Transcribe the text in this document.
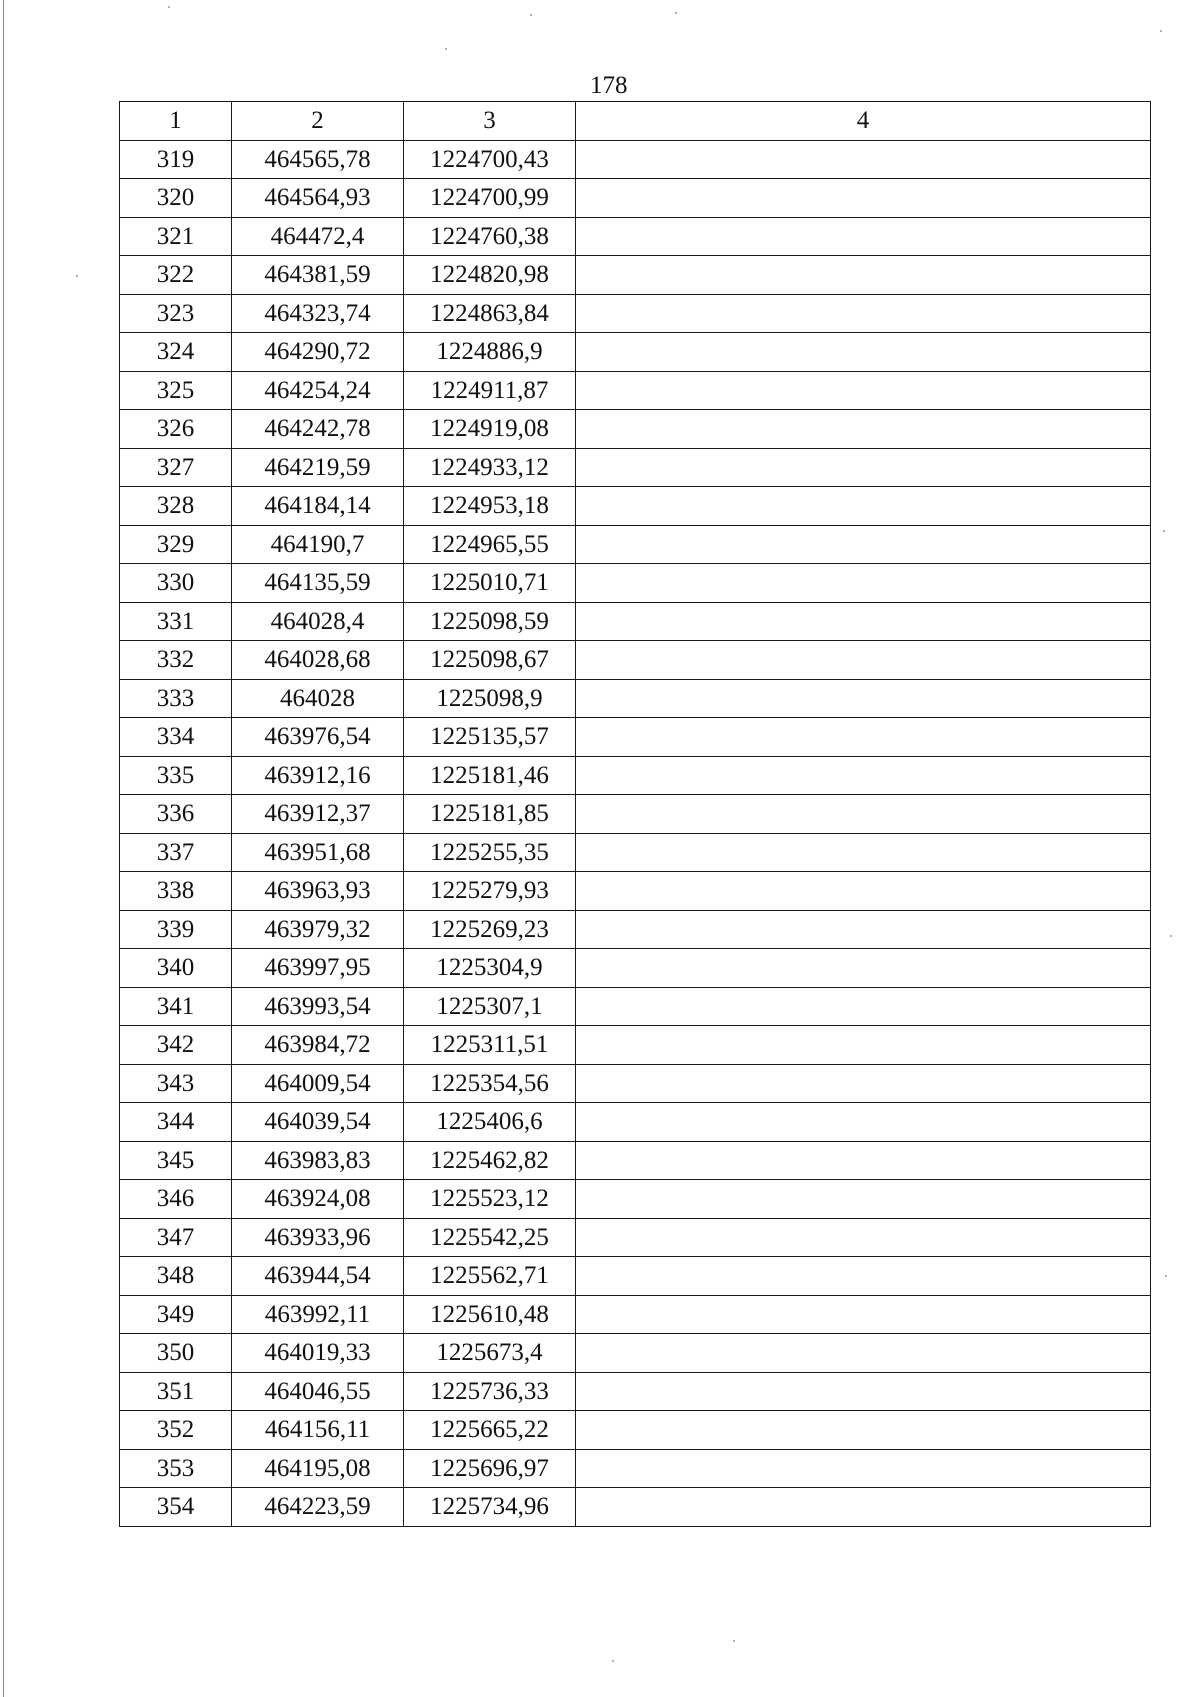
178
1	2	3	4
319	464565,78	1224700,43	
320	464564,93	1224700,99	
321	464472,4	1224760,38	
322	464381,59	1224820,98	
323	464323,74	1224863,84	
324	464290,72	1224886,9	
325	464254,24	1224911,87	
326	464242,78	1224919,08	
327	464219,59	1224933,12	
328	464184,14	1224953,18	
329	464190,7	1224965,55	
330	464135,59	1225010,71	
331	464028,4	1225098,59	
332	464028,68	1225098,67	
333	464028	1225098,9	
334	463976,54	1225135,57	
335	463912,16	1225181,46	
336	463912,37	1225181,85	
337	463951,68	1225255,35	
338	463963,93	1225279,93	
339	463979,32	1225269,23	
340	463997,95	1225304,9	
341	463993,54	1225307,1	
342	463984,72	1225311,51	
343	464009,54	1225354,56	
344	464039,54	1225406,6	
345	463983,83	1225462,82	
346	463924,08	1225523,12	
347	463933,96	1225542,25	
348	463944,54	1225562,71	
349	463992,11	1225610,48	
350	464019,33	1225673,4	
351	464046,55	1225736,33	
352	464156,11	1225665,22	
353	464195,08	1225696,97	
354	464223,59	1225734,96	
